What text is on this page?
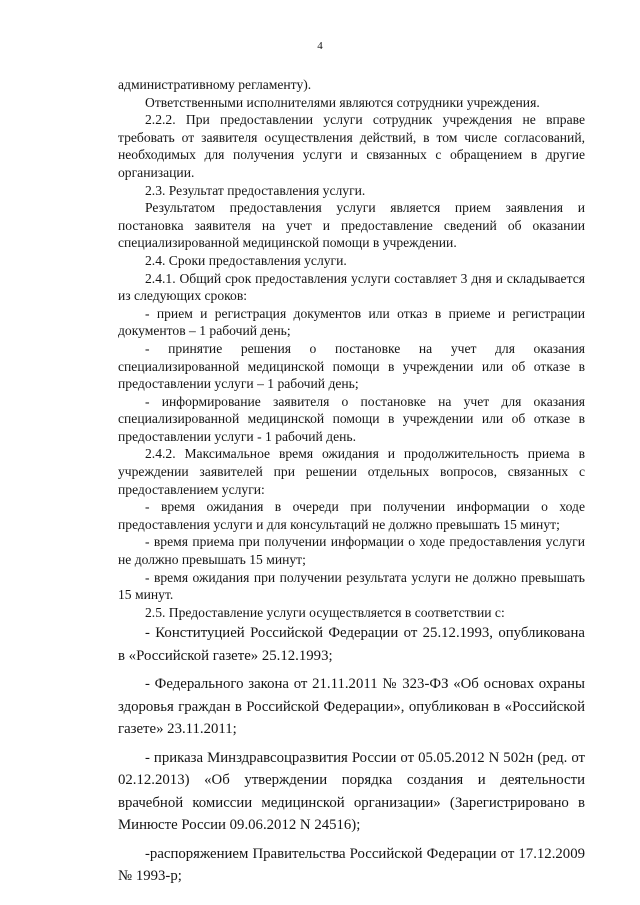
4

административному регламенту).

Ответственными исполнителями являются сотрудники учреждения.

2.2.2. При предоставлении услуги сотрудник учреждения не вправе требовать от заявителя осуществления действий, в том числе согласований, необходимых для получения услуги и связанных с обращением в другие организации.

2.3. Результат предоставления услуги.

Результатом предоставления услуги является прием заявления и постановка заявителя на учет и предоставление сведений об оказании специализированной медицинской помощи в учреждении.

2.4. Сроки предоставления услуги.

2.4.1. Общий срок предоставления услуги составляет 3 дня и складывается из следующих сроков:

- прием и регистрация документов или отказ в приеме и регистрации документов – 1 рабочий день;

- принятие решения о постановке на учет для оказания специализированной медицинской помощи в учреждении или об отказе в предоставлении услуги – 1 рабочий день;

- информирование заявителя о постановке на учет для оказания специализированной медицинской помощи в учреждении или об отказе в предоставлении услуги - 1 рабочий день.

2.4.2. Максимальное время ожидания и продолжительность приема в учреждении заявителей при решении отдельных вопросов, связанных с предоставлением услуги:

- время ожидания в очереди при получении информации о ходе предоставления услуги и для консультаций не должно превышать 15 минут;

- время приема при получении информации о ходе предоставления услуги не должно превышать 15 минут;

- время ожидания при получении результата услуги не должно превышать 15 минут.

2.5. Предоставление услуги осуществляется в соответствии с:

- Конституцией Российской Федерации от 25.12.1993, опубликована в «Российской газете» 25.12.1993;

- Федерального закона от 21.11.2011 № 323-ФЗ «Об основах охраны здоровья граждан в Российской Федерации», опубликован в «Российской газете» 23.11.2011;

- приказа Минздравсоцразвития России от 05.05.2012 N 502н (ред. от 02.12.2013) «Об утверждении порядка создания и деятельности врачебной комиссии медицинской организации» (Зарегистрировано в Минюсте России 09.06.2012 N 24516);

-распоряжением Правительства Российской Федерации от 17.12.2009 № 1993-р;
